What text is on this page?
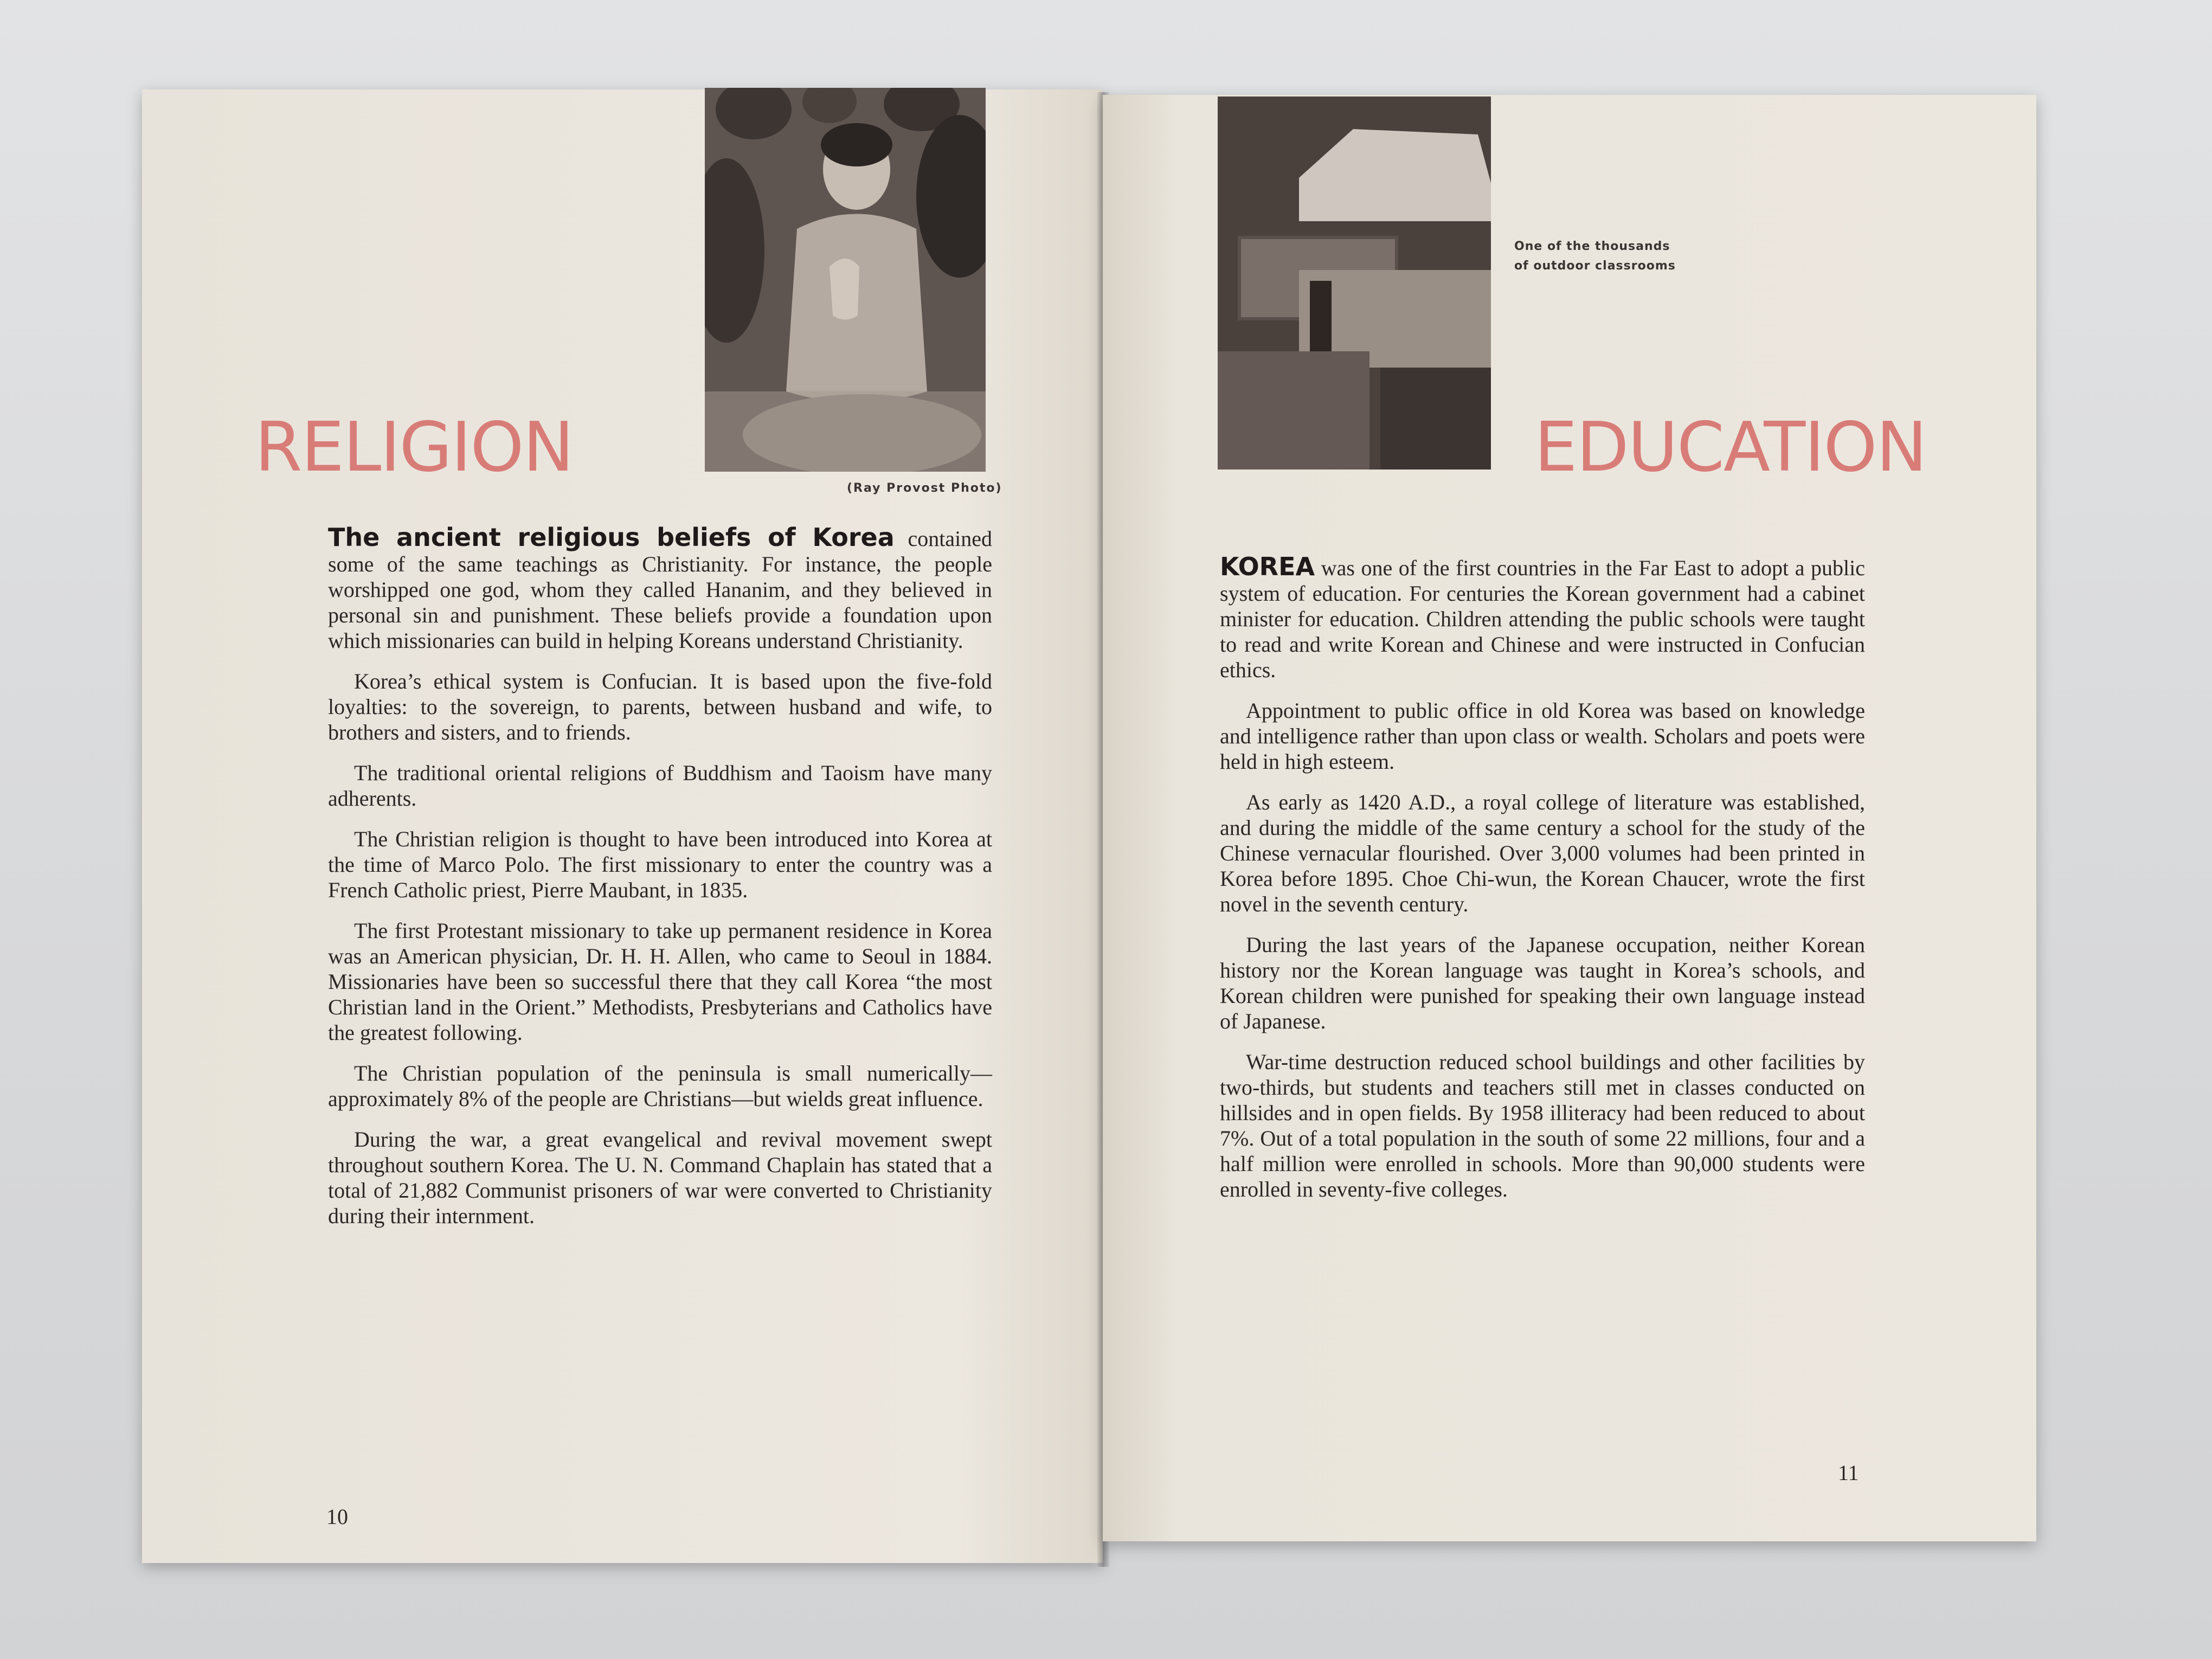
RELIGION
(Ray Provost Photo)

The ancient religious beliefs of Korea contained some of the same teachings as Christianity. For instance, the people worshipped one god, whom they called Hananim, and they believed in personal sin and punishment. These beliefs provide a foundation upon which missionaries can build in helping Koreans understand Christianity.

Korea’s ethical system is Confucian. It is based upon the five-fold loyalties: to the sovereign, to parents, between husband and wife, to brothers and sisters, and to friends.

The traditional oriental religions of Buddhism and Taoism have many adherents.

The Christian religion is thought to have been introduced into Korea at the time of Marco Polo. The first missionary to enter the country was a French Catholic priest, Pierre Maubant, in 1835.

The first Protestant missionary to take up permanent residence in Korea was an American physician, Dr. H. H. Allen, who came to Seoul in 1884. Missionaries have been so successful there that they call Korea “the most Christian land in the Orient.” Methodists, Presbyterians and Catholics have the greatest following.

The Christian population of the peninsula is small numerically—approximately 8% of the people are Christians—but wields great influence.

During the war, a great evangelical and revival movement swept throughout southern Korea. The U. N. Command Chaplain has stated that a total of 21,882 Communist prisoners of war were converted to Christianity during their internment.

10
One of the thousands of outdoor classrooms
EDUCATION

KOREA was one of the first countries in the Far East to adopt a public system of education. For centuries the Korean government had a cabinet minister for education. Children attending the public schools were taught to read and write Korean and Chinese and were instructed in Confucian ethics.

Appointment to public office in old Korea was based on knowledge and intelligence rather than upon class or wealth. Scholars and poets were held in high esteem.

As early as 1420 A.D., a royal college of literature was established, and during the middle of the same century a school for the study of the Chinese vernacular flourished. Over 3,000 volumes had been printed in Korea before 1895. Choe Chi-wun, the Korean Chaucer, wrote the first novel in the seventh century.

During the last years of the Japanese occupation, neither Korean history nor the Korean language was taught in Korea’s schools, and Korean children were punished for speaking their own language instead of Japanese.

War-time destruction reduced school buildings and other facilities by two-thirds, but students and teachers still met in classes conducted on hillsides and in open fields. By 1958 illiteracy had been reduced to about 7%. Out of a total population in the south of some 22 millions, four and a half million were enrolled in schools. More than 90,000 students were enrolled in seventy-five colleges.

11
